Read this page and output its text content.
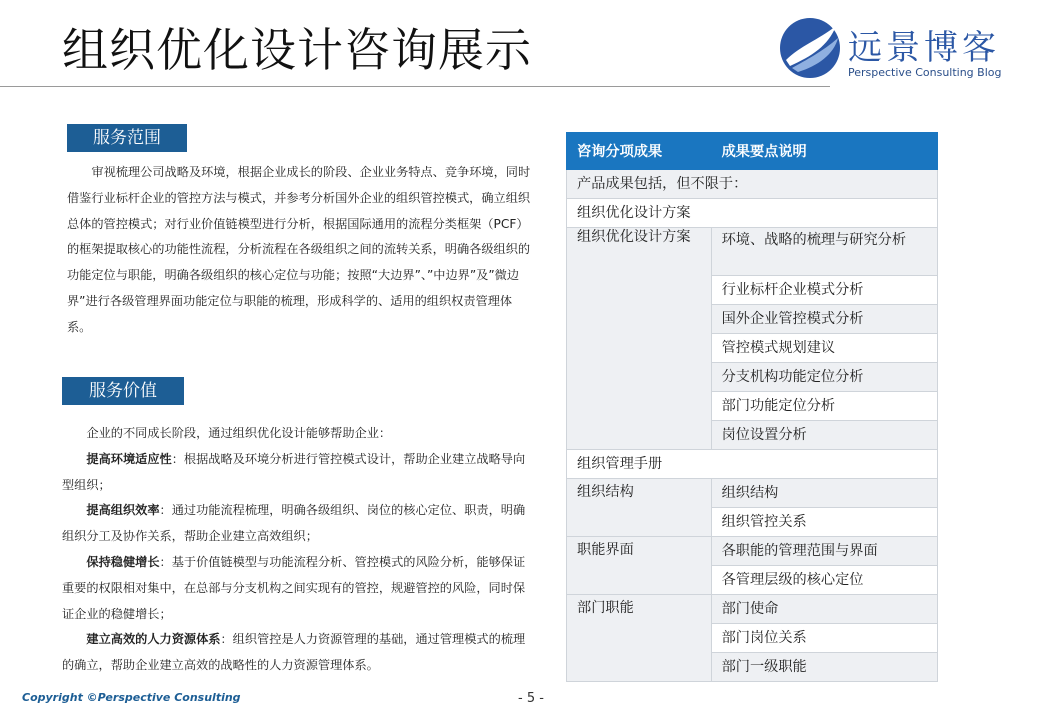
组织优化设计咨询展示	远景博客
Perspective Consulting Blog
服务范围

审视梳理公司战略及环境，根据企业成长的阶段、企业业务特点、竞争环境，同时借鉴行业标杆企业的管控方法与模式，并参考分析国外企业的组织管控模式，确立组织总体的管控模式；对行业价值链模型进行分析，根据国际通用的流程分类框架（PCF）的框架提取核心的功能性流程，分析流程在各级组织之间的流转关系，明确各级组织的功能定位与职能，明确各级组织的核心定位与功能；按照“大边界”、”中边界”及”微边界”进行各级管理界面功能定位与职能的梳理，形成科学的、适用的组织权责管理体系。

服务价值

企业的不同成长阶段，通过组织优化设计能够帮助企业：

提高环境适应性：根据战略及环境分析进行管控模式设计，帮助企业建立战略导向型组织；

提高组织效率：通过功能流程梳理，明确各级组织、岗位的核心定位、职责，明确组织分工及协作关系，帮助企业建立高效组织；

保持稳健增长：基于价值链模型与功能流程分析、管控模式的风险分析，能够保证重要的权限相对集中，在总部与分支机构之间实现有的管控，规避管控的风险，同时保证企业的稳健增长；

建立高效的人力资源体系：组织管控是人力资源管理的基础，通过管理模式的梳理的确立，帮助企业建立高效的战略性的人力资源管理体系。

咨询分项成果	成果要点说明
产品成果包括，但不限于：	
组织优化设计方案	
组织优化设计方案	环境、战略的梳理与研究分析
	行业标杆企业模式分析
	国外企业管控模式分析
	管控模式规划建议
	分支机构功能定位分析
	部门功能定位分析
	岗位设置分析
组织管理手册	
组织结构	组织结构
	组织管控关系
职能界面	各职能的管理范围与界面
	各管理层级的核心定位
部门职能	部门使命
	部门岗位关系
	部门一级职能
Copyright ©Perspective Consulting	- 5 -
